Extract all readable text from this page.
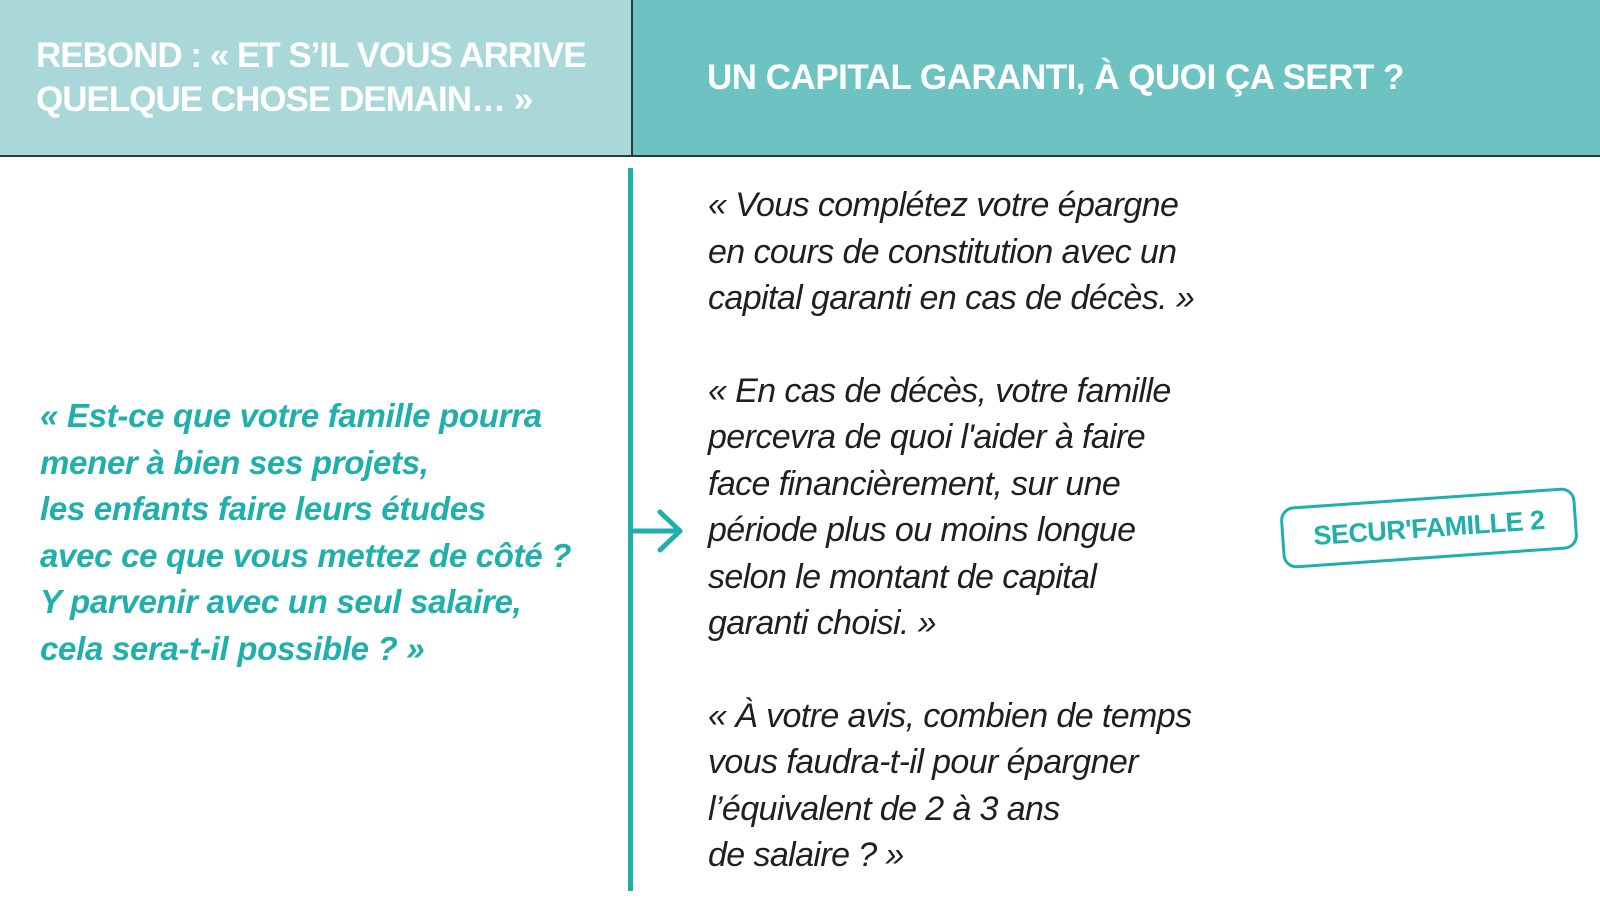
REBOND : « ET S’IL VOUS ARRIVE
QUELQUE CHOSE DEMAIN… »
UN CAPITAL GARANTI, À QUOI ÇA SERT ?

« Est-ce que votre famille pourra
mener à bien ses projets,
les enfants faire leurs études
avec ce que vous mettez de côté ?
Y parvenir avec un seul salaire,
cela sera-t-il possible ? »

« Vous complétez votre épargne
en cours de constitution avec un
capital garanti en cas de décès. »

« En cas de décès, votre famille
percevra de quoi l'aider à faire
face financièrement, sur une
période plus ou moins longue
selon le montant de capital
garanti choisi. »

« À votre avis, combien de temps
vous faudra-t-il pour épargner
l’équivalent de 2 à 3 ans
de salaire ? »

SECUR'FAMILLE 2
